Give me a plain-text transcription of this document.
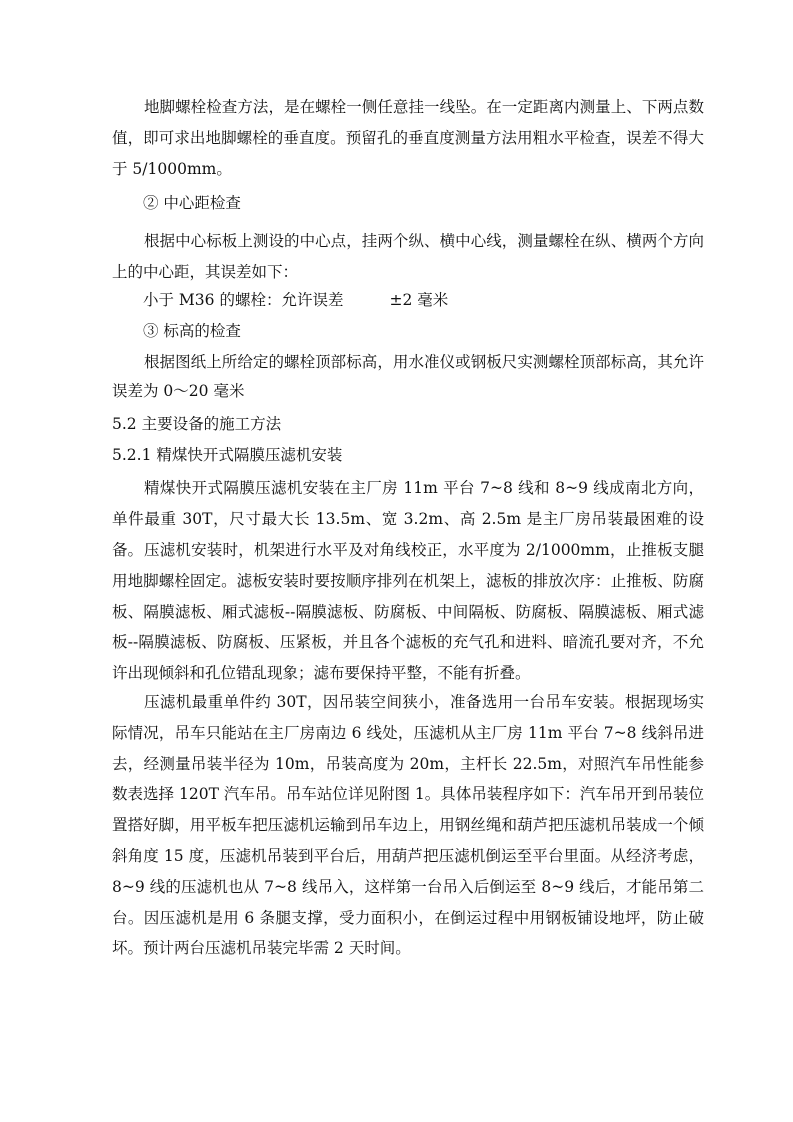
地脚螺栓检查方法，是在螺栓一侧任意挂一线坠。在一定距离内测量上、下两点数值，即可求出地脚螺栓的垂直度。预留孔的垂直度测量方法用粗水平检查，误差不得大于 5/1000mm。

② 中心距检查

根据中心标板上测设的中心点，挂两个纵、横中心线，测量螺栓在纵、横两个方向上的中心距，其误差如下：

小于 M36 的螺栓：允许误差	±2 毫米

③ 标高的检查

根据图纸上所给定的螺栓顶部标高，用水准仪或钢板尺实测螺栓顶部标高，其允许误差为 0～20 毫米

5.2 主要设备的施工方法

5.2.1 精煤快开式隔膜压滤机安装

精煤快开式隔膜压滤机安装在主厂房 11m 平台 7~8 线和 8~9 线成南北方向，单件最重 30T，尺寸最大长 13.5m、宽 3.2m、高 2.5m 是主厂房吊装最困难的设备。 压滤机安装时，机架进行水平及对角线校正，水平度为 2/1000mm，止推板支腿用地脚螺栓固定。滤板安装时要按顺序排列在机架上，滤板的排放次序：止推板、防腐板、隔膜滤板、厢式滤板--隔膜滤板、防腐板、中间隔板、防腐板、隔膜滤板、厢式滤板--隔膜滤板、防腐板、压紧板，并且各个滤板的充气孔和进料、暗流孔要对齐，不允许出现倾斜和孔位错乱现象；滤布要保持平整，不能有折叠。

压滤机最重单件约 30T，因吊装空间狭小，准备选用一台吊车安装。根据现场实际情况，吊车只能站在主厂房南边 6 线处，压滤机从主厂房 11m 平台 7~8 线斜吊进去，经测量吊装半径为 10m，吊装高度为 20m，主杆长 22.5m，对照汽车吊性能参数表选择 120T 汽车吊。吊车站位详见附图 1。具体吊装程序如下：汽车吊开到吊装位置搭好脚，用平板车把压滤机运输到吊车边上，用钢丝绳和葫芦把压滤机吊装成一个倾斜角度 15 度，压滤机吊装到平台后，用葫芦把压滤机倒运至平台里面。从经济考虑，8~9 线的压滤机也从 7~8 线吊入，这样第一台吊入后倒运至 8~9 线后，才能吊第二台。因压滤机是用 6 条腿支撑，受力面积小，在倒运过程中用钢板铺设地坪，防止破坏。预计两台压滤机吊装完毕需 2 天时间。
